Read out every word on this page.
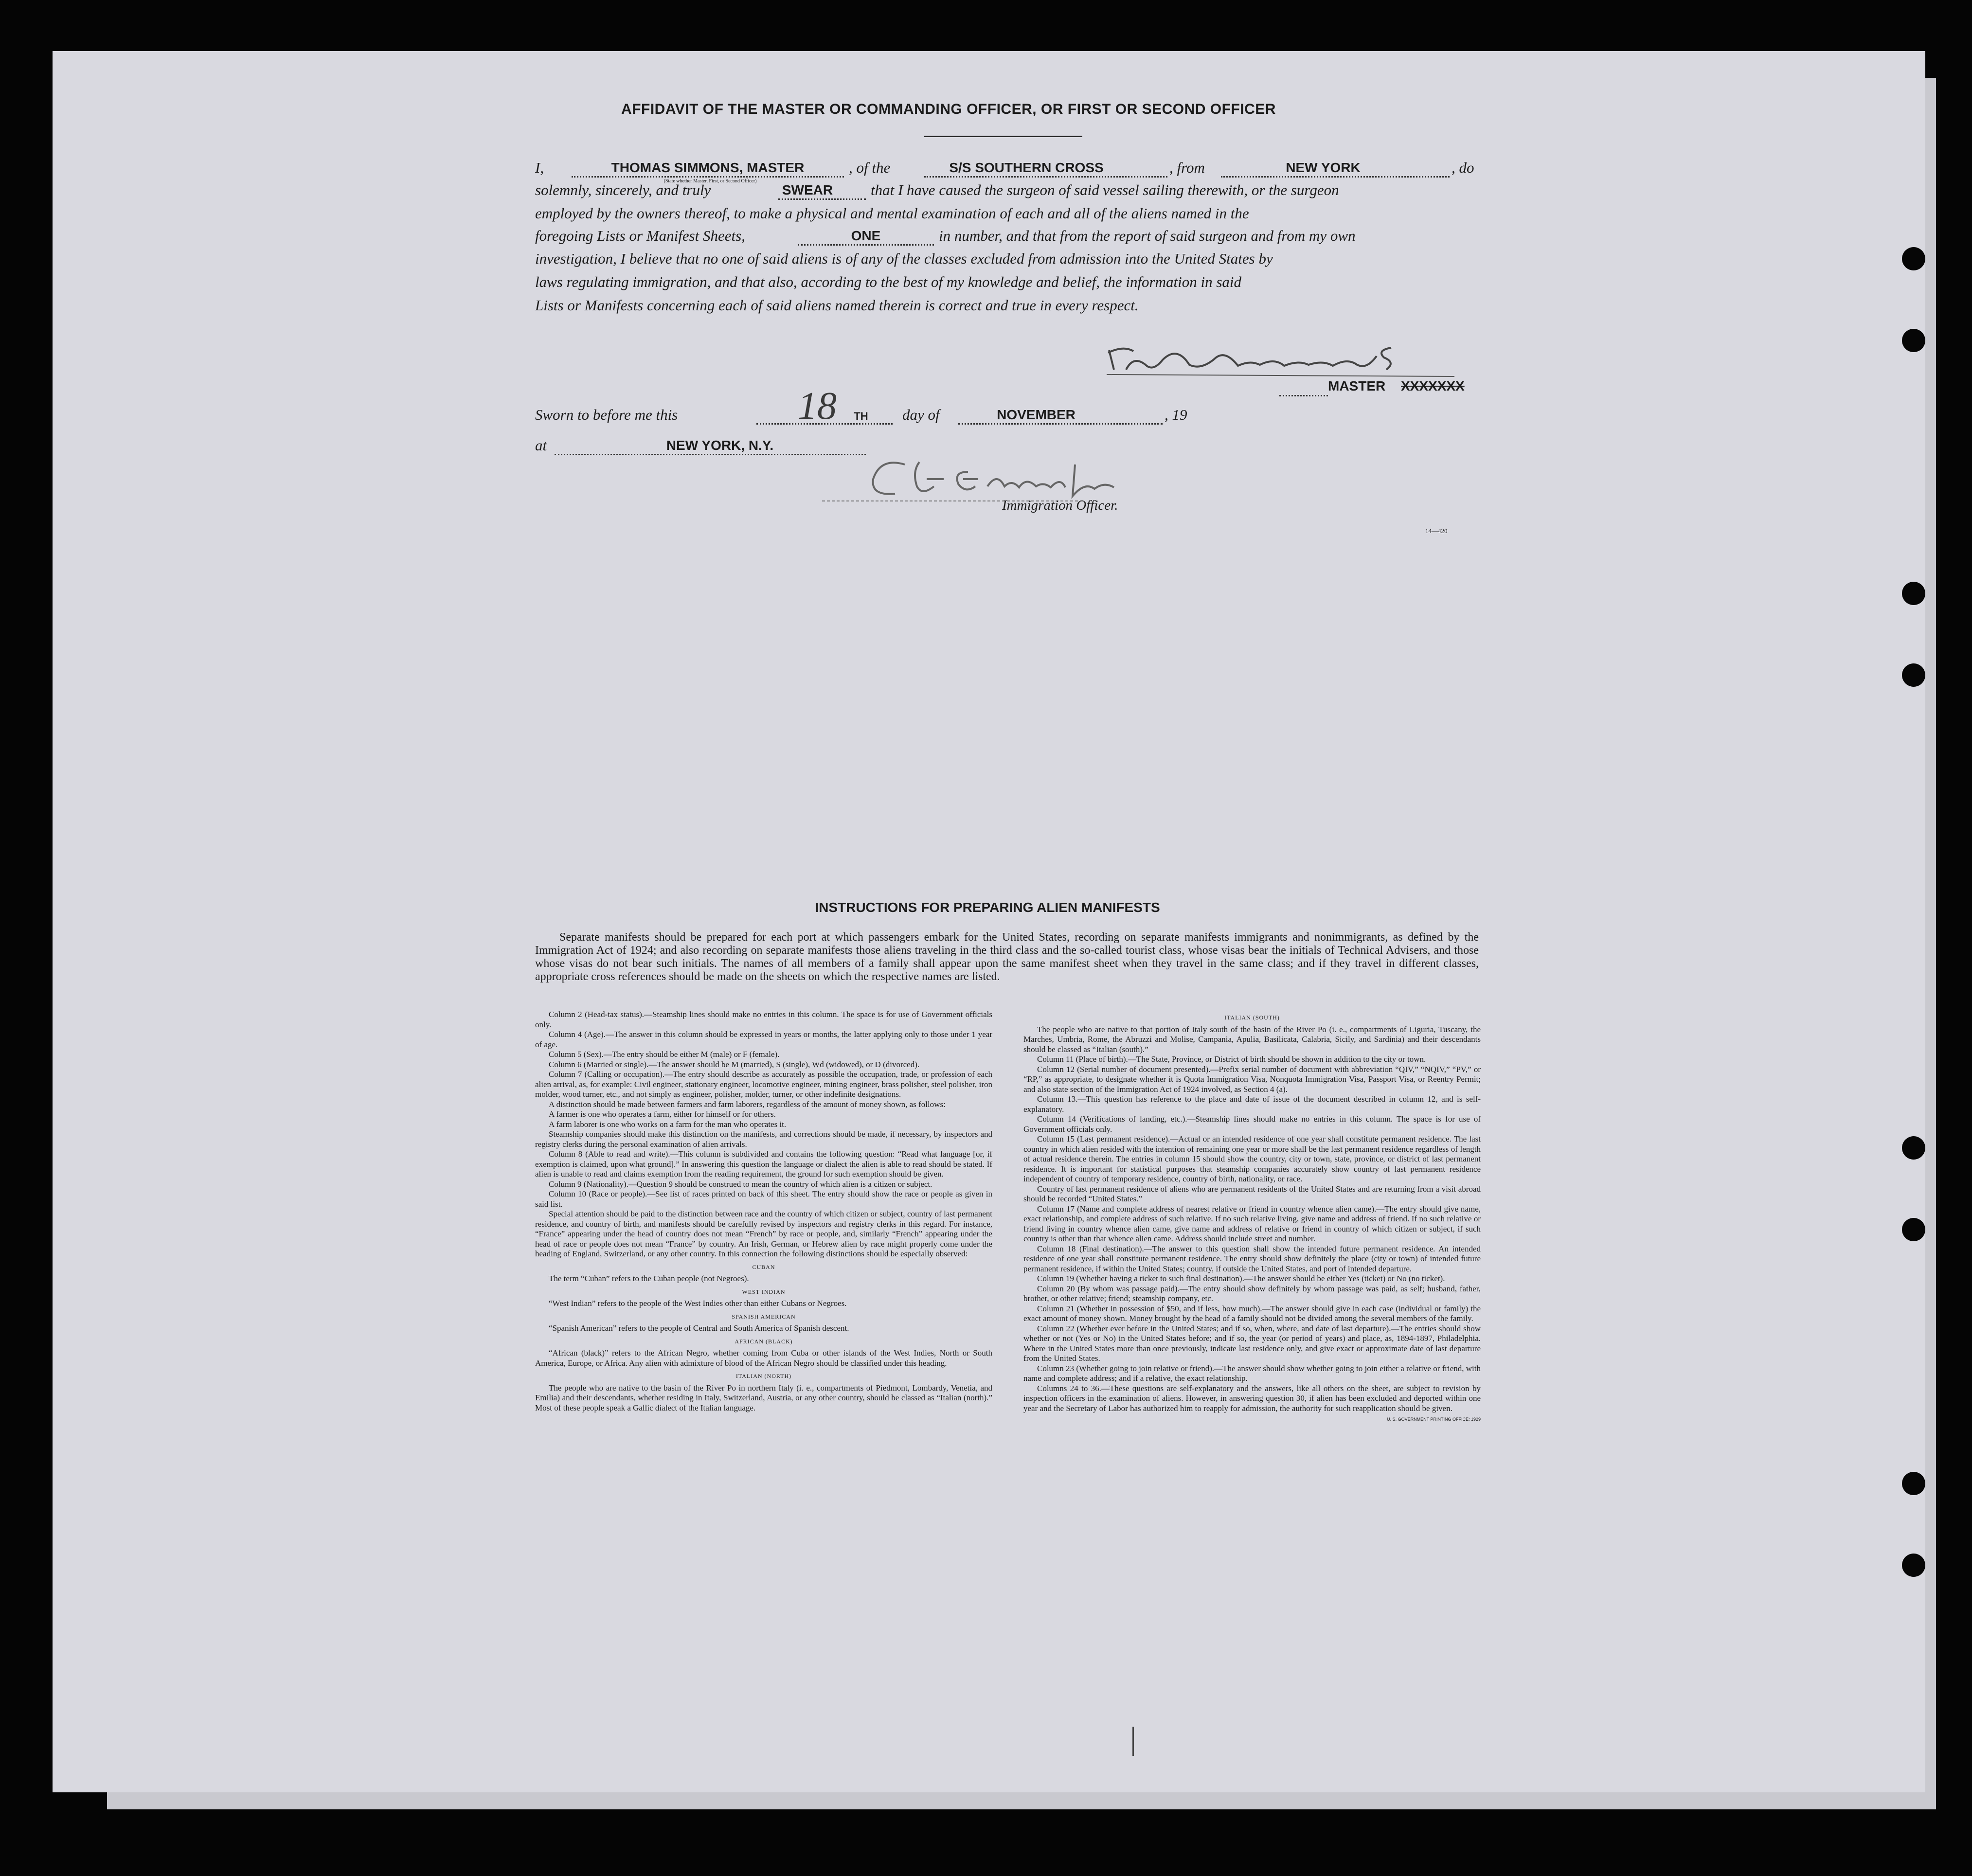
AFFIDAVIT OF THE MASTER OR COMMANDING OFFICER, OR FIRST OR SECOND OFFICER
I,	THOMAS SIMMONS, MASTER
(State whether Master, First, or Second Officer)
, of the	S/S SOUTHERN CROSS	, from	NEW YORK	, do
solemnly, sincerely, and truly	SWEAR	that I have caused the surgeon of said vessel sailing therewith, or the surgeon
employed by the owners thereof, to make a physical and mental examination of each and all of the aliens named in the
foregoing Lists or Manifest Sheets,	ONE	in number, and that from the report of said surgeon and from my own
investigation, I believe that no one of said aliens is of any of the classes excluded from admission into the United States by
laws regulating immigration, and that also, according to the best of my knowledge and belief, the information in said
Lists or Manifests concerning each of said aliens named therein is correct and true in every respect.
MASTER XXXXXXX
Sworn to before me this	18	TH	day of	NOVEMBER	, 19
at	NEW YORK, N.Y.
Immigration Officer.
14—420
INSTRUCTIONS FOR PREPARING ALIEN MANIFESTS
Separate manifests should be prepared for each port at which passengers embark for the United States, recording on separate manifests immigrants and nonimmigrants, as defined by the Immigration Act of 1924; and also recording on separate manifests those aliens traveling in the third class and the so-called tourist class, whose visas bear the initials of Technical Advisers, and those whose visas do not bear such initials. The names of all members of a family shall appear upon the same manifest sheet when they travel in the same class; and if they travel in different classes, appropriate cross references should be made on the sheets on which the respective names are listed.

Column 2 (Head-tax status).—Steamship lines should make no entries in this column. The space is for use of Government officials only.

Column 4 (Age).—The answer in this column should be expressed in years or months, the latter applying only to those under 1 year of age.

Column 5 (Sex).—The entry should be either M (male) or F (female).

Column 6 (Married or single).—The answer should be M (married), S (single), Wd (widowed), or D (divorced).

Column 7 (Calling or occupation).—The entry should describe as accurately as possible the occupation, trade, or profession of each alien arrival, as, for example: Civil engineer, stationary engineer, locomotive engineer, mining engineer, brass polisher, steel polisher, iron molder, wood turner, etc., and not simply as engineer, polisher, molder, turner, or other indefinite designations.

A distinction should be made between farmers and farm laborers, regardless of the amount of money shown, as follows:

A farmer is one who operates a farm, either for himself or for others.

A farm laborer is one who works on a farm for the man who operates it.

Steamship companies should make this distinction on the manifests, and corrections should be made, if necessary, by inspectors and registry clerks during the personal examination of alien arrivals.

Column 8 (Able to read and write).—This column is subdivided and contains the following question: “Read what language [or, if exemption is claimed, upon what ground].” In answering this question the language or dialect the alien is able to read should be stated. If alien is unable to read and claims exemption from the reading requirement, the ground for such exemption should be given.

Column 9 (Nationality).—Question 9 should be construed to mean the country of which alien is a citizen or subject.

Column 10 (Race or people).—See list of races printed on back of this sheet. The entry should show the race or people as given in said list.

Special attention should be paid to the distinction between race and the country of which citizen or subject, country of last permanent residence, and country of birth, and manifests should be carefully revised by inspectors and registry clerks in this regard. For instance, “France” appearing under the head of country does not mean “French” by race or people, and, similarly “French” appearing under the head of race or people does not mean “France” by country. An Irish, German, or Hebrew alien by race might properly come under the heading of England, Switzerland, or any other country. In this connection the following distinctions should be especially observed:

CUBAN

The term “Cuban” refers to the Cuban people (not Negroes).

WEST INDIAN

“West Indian” refers to the people of the West Indies other than either Cubans or Negroes.

SPANISH AMERICAN

“Spanish American” refers to the people of Central and South America of Spanish descent.

AFRICAN (BLACK)

“African (black)” refers to the African Negro, whether coming from Cuba or other islands of the West Indies, North or South America, Europe, or Africa. Any alien with admixture of blood of the African Negro should be classified under this heading.

ITALIAN (NORTH)

The people who are native to the basin of the River Po in northern Italy (i. e., compartments of Piedmont, Lombardy, Venetia, and Emilia) and their descendants, whether residing in Italy, Switzerland, Austria, or any other country, should be classed as “Italian (north).” Most of these people speak a Gallic dialect of the Italian language.

ITALIAN (SOUTH)

The people who are native to that portion of Italy south of the basin of the River Po (i. e., compartments of Liguria, Tuscany, the Marches, Umbria, Rome, the Abruzzi and Molise, Campania, Apulia, Basilicata, Calabria, Sicily, and Sardinia) and their descendants should be classed as “Italian (south).”

Column 11 (Place of birth).—The State, Province, or District of birth should be shown in addition to the city or town.

Column 12 (Serial number of document presented).—Prefix serial number of document with abbreviation “QIV,” “NQIV,” “PV,” or “RP,” as appropriate, to designate whether it is Quota Immigration Visa, Nonquota Immigration Visa, Passport Visa, or Reentry Permit; and also state section of the Immigration Act of 1924 involved, as Section 4 (a).

Column 13.—This question has reference to the place and date of issue of the document described in column 12, and is self-explanatory.

Column 14 (Verifications of landing, etc.).—Steamship lines should make no entries in this column. The space is for use of Government officials only.

Column 15 (Last permanent residence).—Actual or an intended residence of one year shall constitute permanent residence. The last country in which alien resided with the intention of remaining one year or more shall be the last permanent residence regardless of length of actual residence therein. The entries in column 15 should show the country, city or town, state, province, or district of last permanent residence. It is important for statistical purposes that steamship companies accurately show country of last permanent residence independent of country of temporary residence, country of birth, nationality, or race.

Country of last permanent residence of aliens who are permanent residents of the United States and are returning from a visit abroad should be recorded “United States.”

Column 17 (Name and complete address of nearest relative or friend in country whence alien came).—The entry should give name, exact relationship, and complete address of such relative. If no such relative living, give name and address of friend. If no such relative or friend living in country whence alien came, give name and address of relative or friend in country of which citizen or subject, if such country is other than that whence alien came. Address should include street and number.

Column 18 (Final destination).—The answer to this question shall show the intended future permanent residence. An intended residence of one year shall constitute permanent residence. The entry should show definitely the place (city or town) of intended future permanent residence, if within the United States; country, if outside the United States, and port of intended departure.

Column 19 (Whether having a ticket to such final destination).—The answer should be either Yes (ticket) or No (no ticket).

Column 20 (By whom was passage paid).—The entry should show definitely by whom passage was paid, as self; husband, father, brother, or other relative; friend; steamship company, etc.

Column 21 (Whether in possession of $50, and if less, how much).—The answer should give in each case (individual or family) the exact amount of money shown. Money brought by the head of a family should not be divided among the several members of the family.

Column 22 (Whether ever before in the United States; and if so, when, where, and date of last departure).—The entries should show whether or not (Yes or No) in the United States before; and if so, the year (or period of years) and place, as, 1894-1897, Philadelphia. Where in the United States more than once previously, indicate last residence only, and give exact or approximate date of last departure from the United States.

Column 23 (Whether going to join relative or friend).—The answer should show whether going to join either a relative or friend, with name and complete address; and if a relative, the exact relationship.

Columns 24 to 36.—These questions are self-explanatory and the answers, like all others on the sheet, are subject to revision by inspection officers in the examination of aliens. However, in answering question 30, if alien has been excluded and deported within one year and the Secretary of Labor has authorized him to reapply for admission, the authority for such reapplication should be given.

U. S. GOVERNMENT PRINTING OFFICE: 1929
